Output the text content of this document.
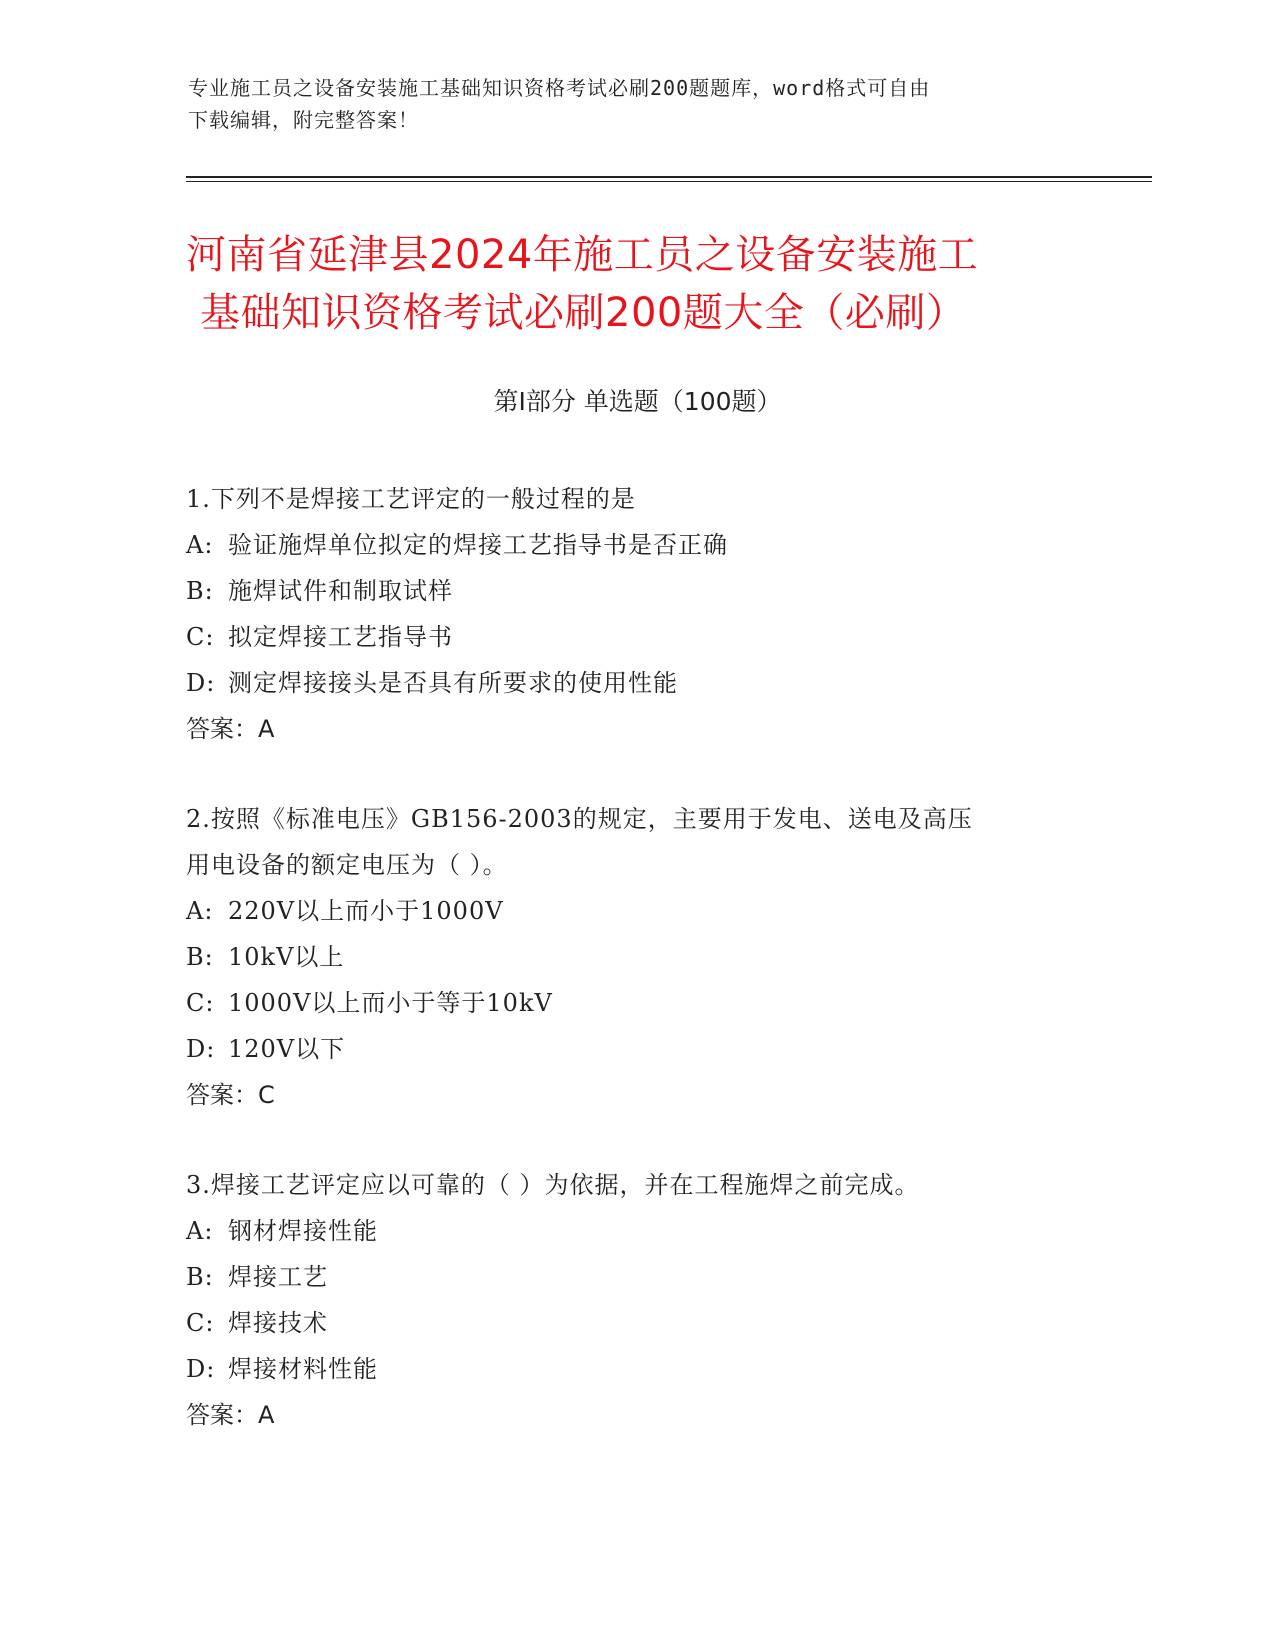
专业施工员之设备安装施工基础知识资格考试必刷200题题库，word格式可自由
下载编辑，附完整答案！
河南省延津县2024年施工员之设备安装施工
基础知识资格考试必刷200题大全（必刷）
第Ⅰ部分 单选题（100题）

1.下列不是焊接工艺评定的一般过程的是

A: 验证施焊单位拟定的焊接工艺指导书是否正确

B: 施焊试件和制取试样

C: 拟定焊接工艺指导书

D: 测定焊接接头是否具有所要求的使用性能

答案：A

2.按照《标准电压》GB156-2003的规定，主要用于发电、送电及高压

用电设备的额定电压为（ ）。

A: 220V以上而小于1000V

B: 10kV以上

C: 1000V以上而小于等于10kV

D: 120V以下

答案：C

3.焊接工艺评定应以可靠的（ ）为依据，并在工程施焊之前完成。

A: 钢材焊接性能

B: 焊接工艺

C: 焊接技术

D: 焊接材料性能

答案：A
